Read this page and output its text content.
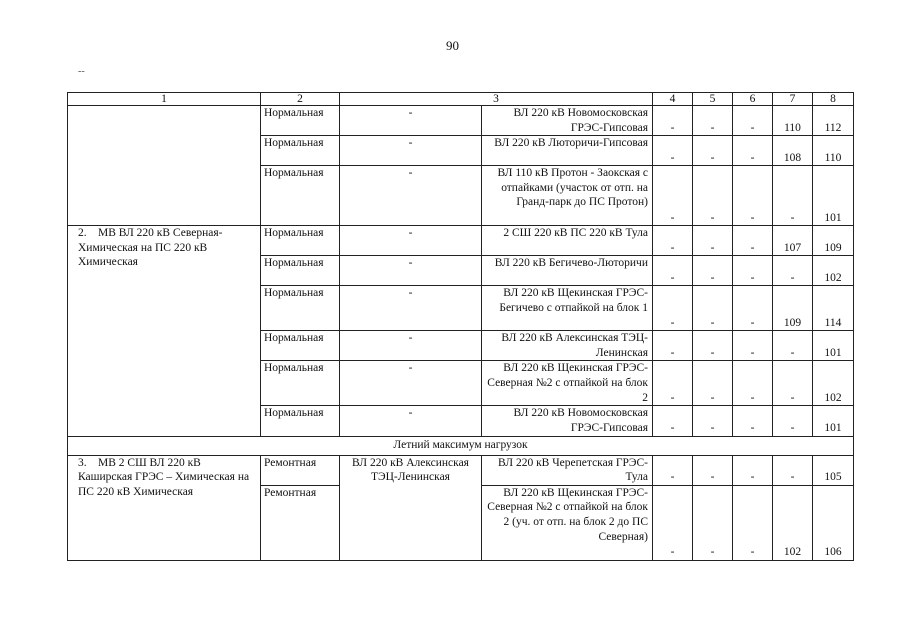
90
--
1	2	3		4	5	6	7	8
	Нормальная	-	ВЛ 220 кВ Новомосковская ГРЭС-Гипсовая	-	-	-	110	112
	Нормальная	-	ВЛ 220 кВ Люторичи-Гипсовая	-	-	-	108	110
	Нормальная	-	ВЛ 110 кВ Протон - Заокская с отпайками (участок от отп. на Гранд-парк до ПС Протон)	-	-	-	-	101
2. МВ ВЛ 220 кВ Северная-Химическая на ПС 220 кВ Химическая	Нормальная	-	2 СШ 220 кВ ПС 220 кВ Тула	-	-	-	107	109
	Нормальная	-	ВЛ 220 кВ Бегичево-Люторичи	-	-	-	-	102
	Нормальная	-	ВЛ 220 кВ Щекинская ГРЭС-Бегичево с отпайкой на блок 1	-	-	-	109	114
	Нормальная	-	ВЛ 220 кВ Алексинская ТЭЦ-Ленинская	-	-	-	-	101
	Нормальная	-	ВЛ 220 кВ Щекинская ГРЭС-Северная №2 с отпайкой на блок 2	-	-	-	-	102
	Нормальная	-	ВЛ 220 кВ Новомосковская ГРЭС-Гипсовая	-	-	-	-	101
Летний максимум нагрузок								
3. МВ 2 СШ ВЛ 220 кВ Каширская ГРЭС – Химическая на ПС 220 кВ Химическая	Ремонтная	ВЛ 220 кВ Алексинская ТЭЦ-Ленинская	ВЛ 220 кВ Черепетская ГРЭС-Тула	-	-	-	-	105
	Ремонтная		ВЛ 220 кВ Щекинская ГРЭС-Северная №2 с отпайкой на блок 2 (уч. от отп. на блок 2 до ПС Северная)	-	-	-	102	106
